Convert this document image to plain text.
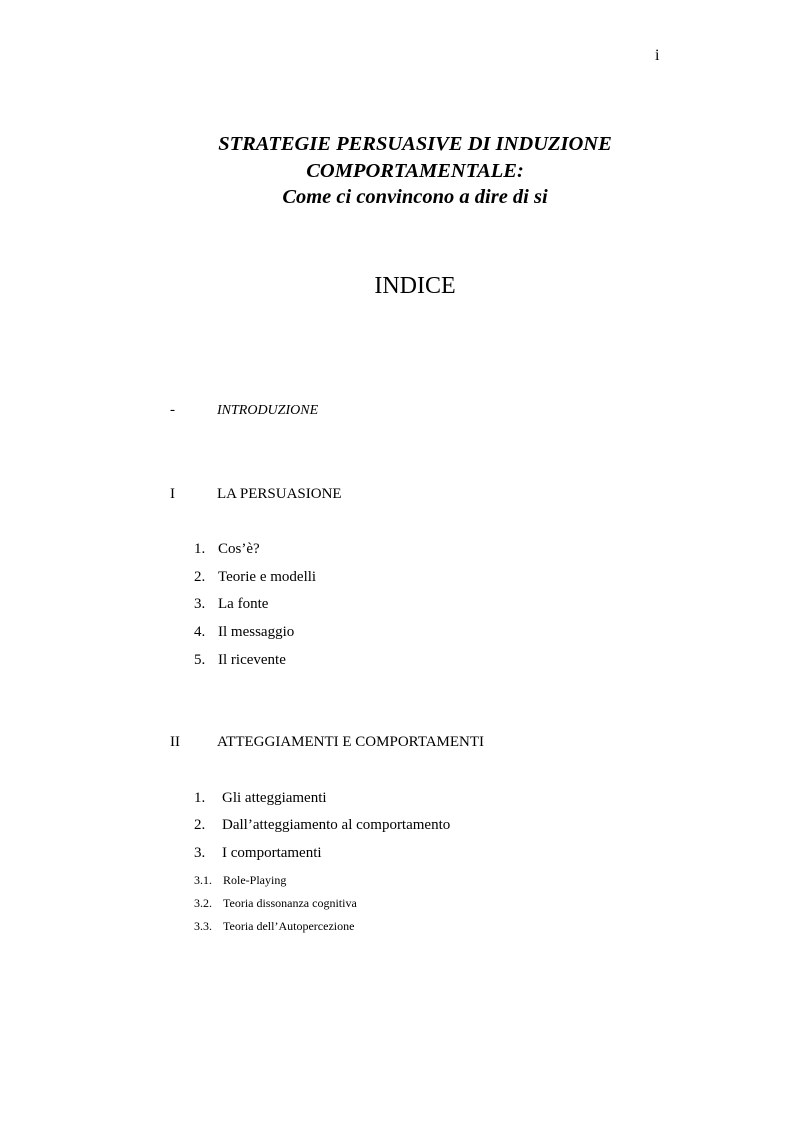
i
STRATEGIE PERSUASIVE DI INDUZIONE
COMPORTAMENTALE:
Come ci convincono a dire di si
INDICE
-	INTRODUZIONE
I	LA PERSUASIONE
1. Cos’è?
2. Teorie e modelli
3. La fonte
4. Il messaggio
5. Il ricevente
II ATTEGGIAMENTI E COMPORTAMENTI
1. Gli atteggiamenti
2. Dall’atteggiamento al comportamento
3. I comportamenti
3.1. Role-Playing
3.2. Teoria dissonanza cognitiva
3.3. Teoria dell’Autopercezione
